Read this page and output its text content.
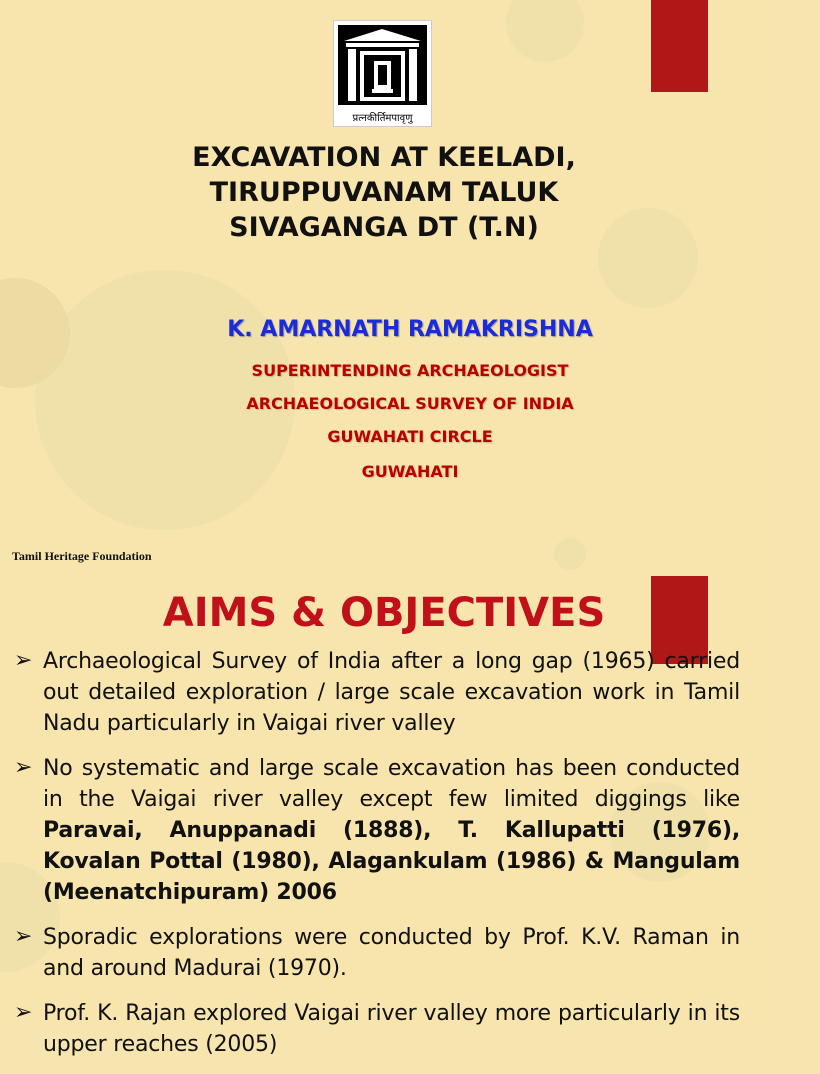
प्रत्नकीर्तिमपावृणु
EXCAVATION AT KEELADI,
TIRUPPUVANAM TALUK
SIVAGANGA DT (T.N)
K. AMARNATH RAMAKRISHNA
SUPERINTENDING ARCHAEOLOGIST
ARCHAEOLOGICAL SURVEY OF INDIA
GUWAHATI CIRCLE
GUWAHATI
Tamil Heritage Foundation
AIMS & OBJECTIVES
➢ Archaeological Survey of India after a long gap (1965) carried out detailed exploration / large scale excavation work in Tamil Nadu particularly in Vaigai river valley
➢ No systematic and large scale excavation has been conducted in the Vaigai river valley except few limited diggings like Paravai, Anuppanadi (1888), T. Kallupatti (1976), Kovalan Pottal (1980), Alagankulam (1986) & Mangulam (Meenatchipuram) 2006
➢ Sporadic explorations were conducted by Prof. K.V. Raman in and around Madurai (1970).
➢ Prof. K. Rajan explored Vaigai river valley more particularly in its upper reaches (2005)
